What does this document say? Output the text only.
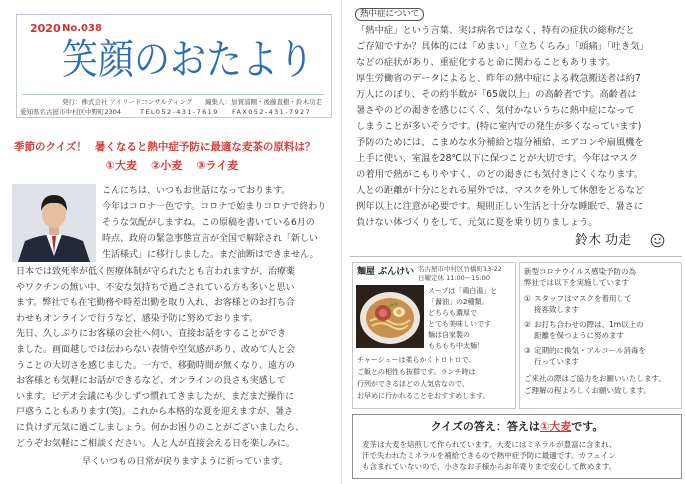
2020 No.038
笑顔のおたより
発行：株式会社 アイリードコンサルティング 編集人：加賀浦剛・後藤直樹・鈴木功走
愛知県名古屋市中村区中野町2304	TEL052-431-7619 FAX052-431-7927
季節のクイズ！ 暑くなると熱中症予防に最適な麦茶の原料は？
①大麦 ②小麦 ③ライ麦
こんにちは、いつもお世話になっております。
今年はコロナ一色です。コロナで始まりコロナで終わり
そうな気配がしますね。この原稿を書いている6月の
時点、政府の緊急事態宣言が全国で解除され「新しい
生活様式」に移行しました。まだ油断はできません。
日本では致死率が低く医療体制が守られたとも言われますが、治療薬
やワクチンの無い中、不安な気持ちで過ごされている方も多いと思い
ます。弊社でも在宅勤務や時差出勤を取り入れ、お客様とのお打ち合
わせもオンラインで行うなど、感染予防に努めております。
先日、久しぶりにお客様の会社へ伺い、直接お話をすることができ
ました。画面越しでは伝わらない表情や空気感があり、改めて人と会
うことの大切さを感じました。一方で、移動時間が無くなり、遠方の
お客様とも気軽にお話ができるなど、オンラインの良さも実感して
います。ビデオ会議にも少しずつ慣れてきましたが、まだまだ操作に
戸惑うこともあります(笑)。これから本格的な夏を迎えますが、暑さ
に負けず元気に過ごしましょう。何かお困りのことがございましたら、
どうぞお気軽にご相談ください。人と人が直接会える日を楽しみに。
早くいつもの日常が戻りますように祈っています。
熱中症について
「熱中症」という言葉、実は病名ではなく、特有の症状の総称だと
ご存知ですか？具体的には「めまい」「立ちくらみ」「頭痛」「吐き気」
などの症状があり、重症化すると命に関わることもあります。
厚生労働省のデータによると、昨年の熱中症による救急搬送者は約7
万人にのぼり、その約半数が「65歳以上」の高齢者です。高齢者は
暑さやのどの渇きを感じにくく、気付かないうちに熱中症になって
しまうことが多いそうです。(特に室内での発生が多くなっています)
予防のためには、こまめな水分補給と塩分補給、エアコンや扇風機を
上手に使い、室温を28℃以下に保つことが大切です。今年はマスク
の着用で熱がこもりやすく、のどの渇きにも気付きにくくなります。
人との距離が十分にとれる屋外では、マスクを外して休憩をとるなど
例年以上に注意が必要です。規則正しい生活と十分な睡眠で、暑さに
負けない体づくりをして、元気に夏を乗り切りましょう。
鈴木 功走
麺屋 ぶんけい 名古屋市中村区竹橋町13-22
日曜定休 11:00〜15:00
スープは「鶏白湯」と
「醤油」の2種類。
どちらも濃厚で
とても美味しいです
麺は自家製の
もちもち中太麺！
チャーシューは柔らかくトロトロで、
ご飯との相性も抜群です。ランチ時は
行列ができるほどの人気店なので、
お早めに行かれることをおすすめします。
新型コロナウイルス感染予防の為
弊社では以下を実施しています
① スタッフはマスクを着用して
接客致します
② お打ち合わせの際は、1m以上の
距離を保つように努めます
③ 定期的に換気・アルコール消毒を
行っています
ご来社の際はご協力をお願いいたします。
ご理解の程よろしくお願い致します。
クイズの答え：答えは①大麦です。
麦茶は大麦を焙煎して作られています。大麦にはミネラルが豊富に含まれ、
汗で失われたミネラルを補給できるので熱中症予防に最適です。カフェイン
も含まれていないので、小さなお子様からお年寄りまで安心して飲めます。
